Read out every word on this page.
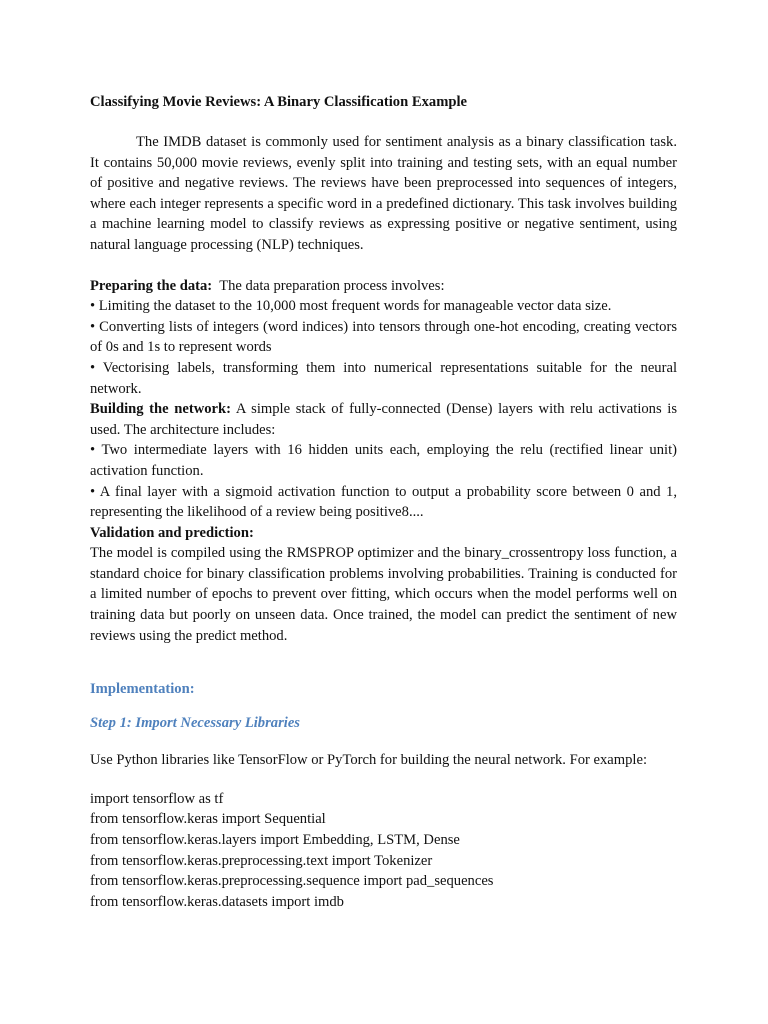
Classifying Movie Reviews: A Binary Classification Example

The IMDB dataset is commonly used for sentiment analysis as a binary classification task. It contains 50,000 movie reviews, evenly split into training and testing sets, with an equal number of positive and negative reviews. The reviews have been preprocessed into sequences of integers, where each integer represents a specific word in a predefined dictionary. This task involves building a machine learning model to classify reviews as expressing positive or negative sentiment, using natural language processing (NLP) techniques.

Preparing the data: The data preparation process involves:

• Limiting the dataset to the 10,000 most frequent words for manageable vector data size.

• Converting lists of integers (word indices) into tensors through one-hot encoding, creating vectors of 0s and 1s to represent words

• Vectorising labels, transforming them into numerical representations suitable for the neural network.

Building the network: A simple stack of fully-connected (Dense) layers with relu activations is used. The architecture includes:

• Two intermediate layers with 16 hidden units each, employing the relu (rectified linear unit) activation function.

• A final layer with a sigmoid activation function to output a probability score between 0 and 1, representing the likelihood of a review being positive8....

Validation and prediction:

The model is compiled using the RMSPROP optimizer and the binary_crossentropy loss function, a standard choice for binary classification problems involving probabilities. Training is conducted for a limited number of epochs to prevent over fitting, which occurs when the model performs well on training data but poorly on unseen data. Once trained, the model can predict the sentiment of new reviews using the predict method.

Implementation:
Step 1: Import Necessary Libraries
Use Python libraries like TensorFlow or PyTorch for building the neural network. For example:
import tensorflow as tf
from tensorflow.keras import Sequential
from tensorflow.keras.layers import Embedding, LSTM, Dense
from tensorflow.keras.preprocessing.text import Tokenizer
from tensorflow.keras.preprocessing.sequence import pad_sequences
from tensorflow.keras.datasets import imdb
